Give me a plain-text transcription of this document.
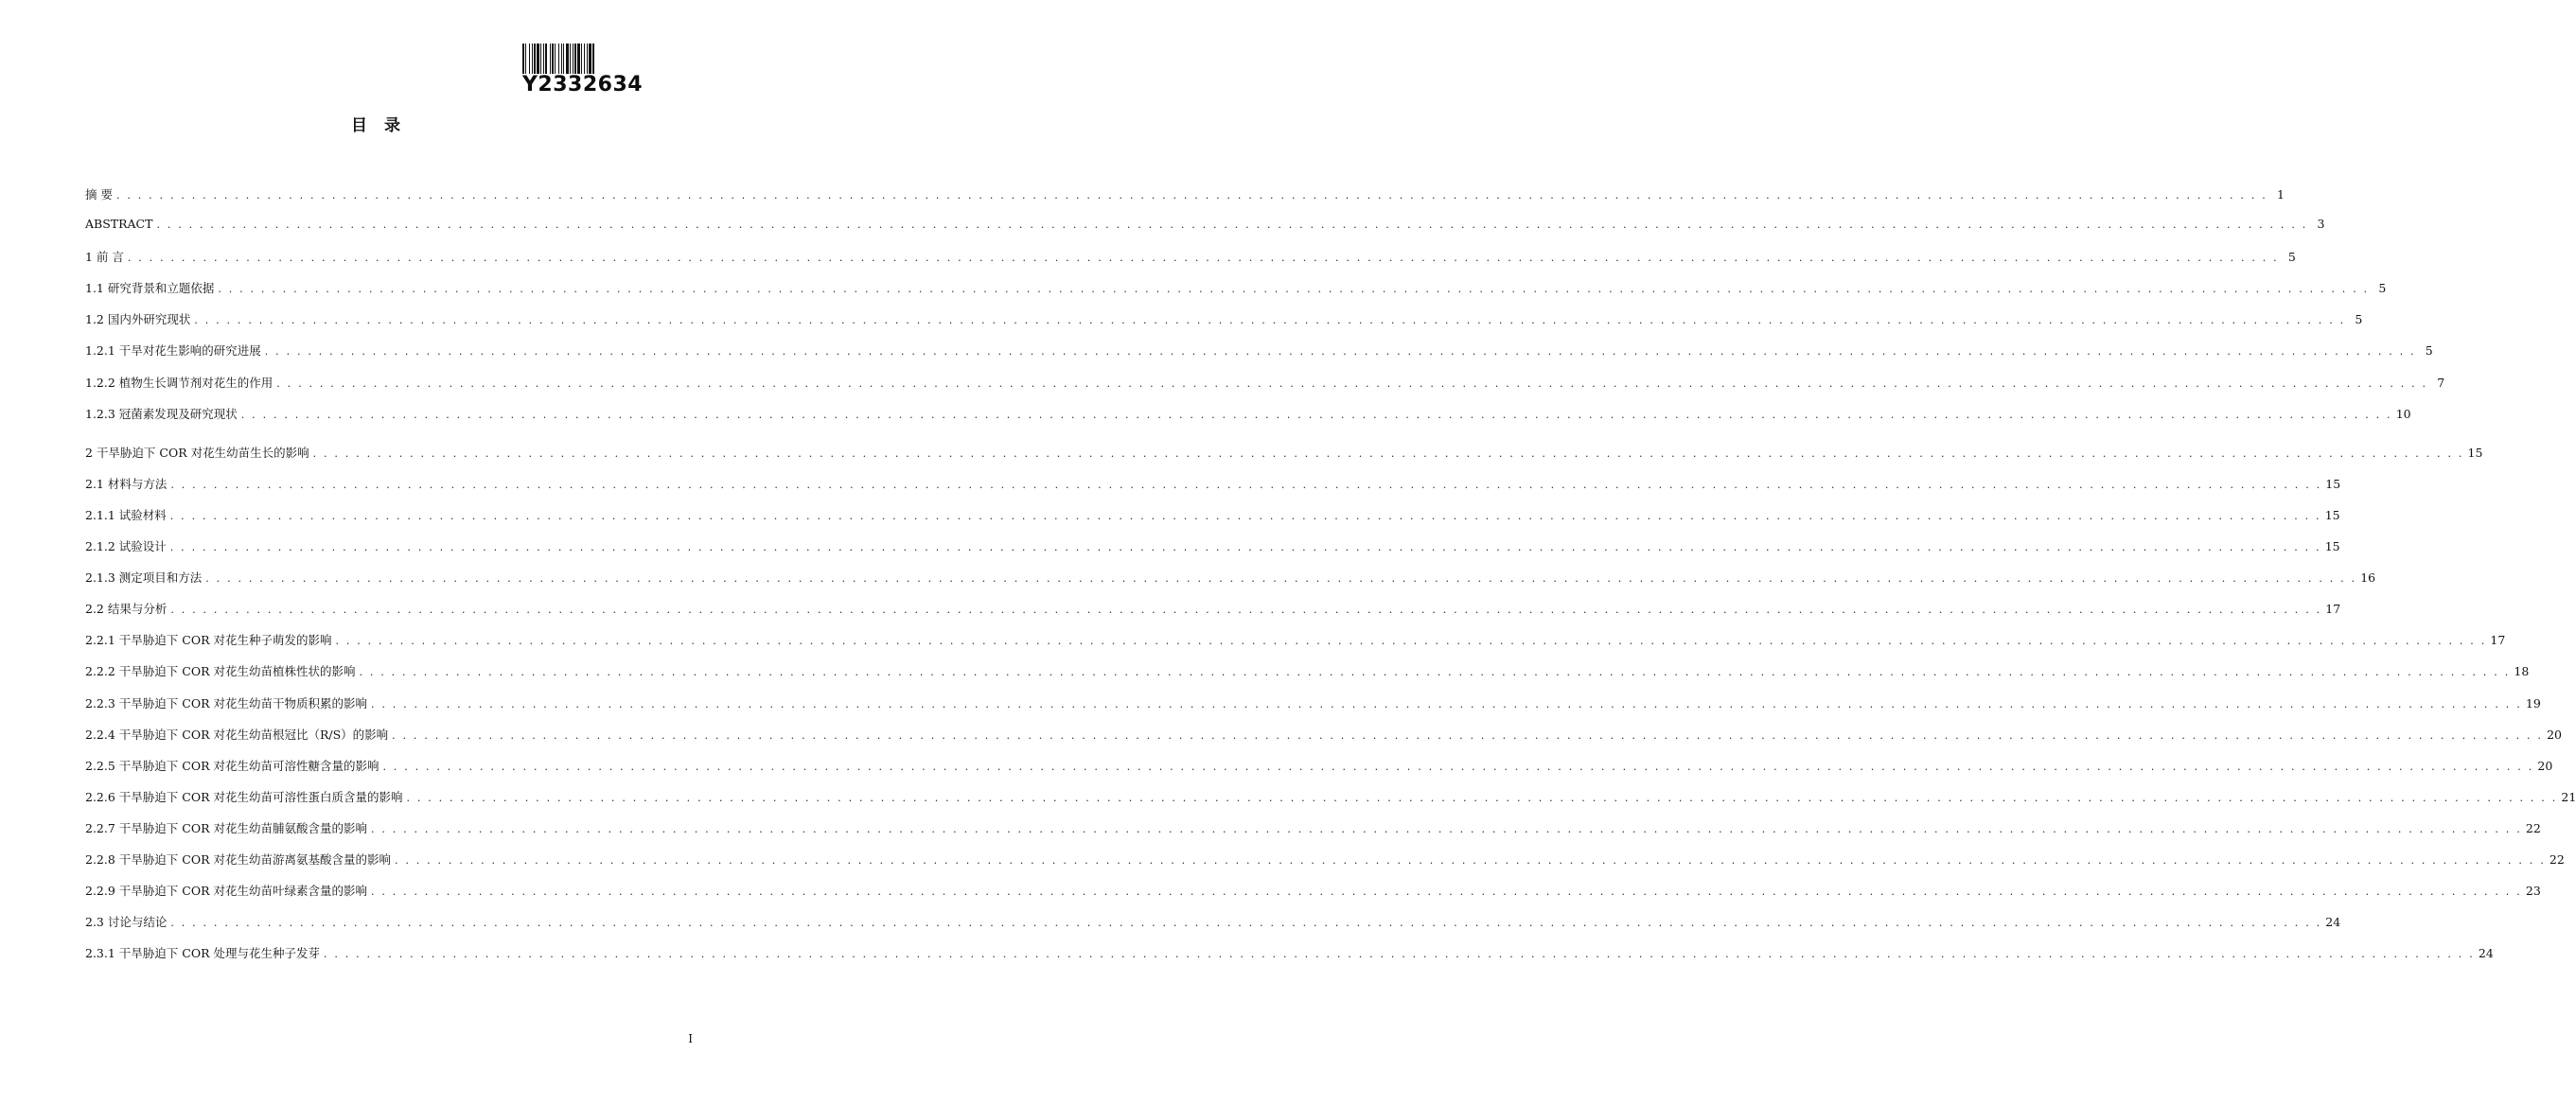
Y2332634
目 录
摘 要 . . . . . . . . . . . . . . . . . . . . . . . . . . . . . . . . . . . . . . . . . . . . . . . . . . . . . . . . . . . . . . . . . . . . . . . . . . . . . . . . . . . . . . . . . . . . . . . . . . . . . . . . . . . . . . . . . . . . . . . . . . . . . . . . . . . . . . . . . . . . . . . . . . . . . . . . . . . . . . . . . . . . . . . . . . . . . . . . . . . . . . . . . . . . . . . . . . . . . . . . 1
ABSTRACT . . . . . . . . . . . . . . . . . . . . . . . . . . . . . . . . . . . . . . . . . . . . . . . . . . . . . . . . . . . . . . . . . . . . . . . . . . . . . . . . . . . . . . . . . . . . . . . . . . . . . . . . . . . . . . . . . . . . . . . . . . . . . . . . . . . . . . . . . . . . . . . . . . . . . . . . . . . . . . . . . . . . . . . . . . . . . . . . . . . . . . . . . . . . . . . . . . . . . . . . 3
1 前 言 . . . . . . . . . . . . . . . . . . . . . . . . . . . . . . . . . . . . . . . . . . . . . . . . . . . . . . . . . . . . . . . . . . . . . . . . . . . . . . . . . . . . . . . . . . . . . . . . . . . . . . . . . . . . . . . . . . . . . . . . . . . . . . . . . . . . . . . . . . . . . . . . . . . . . . . . . . . . . . . . . . . . . . . . . . . . . . . . . . . . . . . . . . . . . . . . . . . . . . . . 5
1.1 研究背景和立题依据 . . . . . . . . . . . . . . . . . . . . . . . . . . . . . . . . . . . . . . . . . . . . . . . . . . . . . . . . . . . . . . . . . . . . . . . . . . . . . . . . . . . . . . . . . . . . . . . . . . . . . . . . . . . . . . . . . . . . . . . . . . . . . . . . . . . . . . . . . . . . . . . . . . . . . . . . . . . . . . . . . . . . . . . . . . . . . . . . . . . . . . . . . . . . . . . . . . . . . . . . 5
1.2 国内外研究现状 . . . . . . . . . . . . . . . . . . . . . . . . . . . . . . . . . . . . . . . . . . . . . . . . . . . . . . . . . . . . . . . . . . . . . . . . . . . . . . . . . . . . . . . . . . . . . . . . . . . . . . . . . . . . . . . . . . . . . . . . . . . . . . . . . . . . . . . . . . . . . . . . . . . . . . . . . . . . . . . . . . . . . . . . . . . . . . . . . . . . . . . . . . . . . . . . . . . . . . . . 5
1.2.1 干旱对花生影响的研究进展 . . . . . . . . . . . . . . . . . . . . . . . . . . . . . . . . . . . . . . . . . . . . . . . . . . . . . . . . . . . . . . . . . . . . . . . . . . . . . . . . . . . . . . . . . . . . . . . . . . . . . . . . . . . . . . . . . . . . . . . . . . . . . . . . . . . . . . . . . . . . . . . . . . . . . . . . . . . . . . . . . . . . . . . . . . . . . . . . . . . . . . . . . . . . . . . . . . . . . . . . 5
1.2.2 植物生长调节剂对花生的作用 . . . . . . . . . . . . . . . . . . . . . . . . . . . . . . . . . . . . . . . . . . . . . . . . . . . . . . . . . . . . . . . . . . . . . . . . . . . . . . . . . . . . . . . . . . . . . . . . . . . . . . . . . . . . . . . . . . . . . . . . . . . . . . . . . . . . . . . . . . . . . . . . . . . . . . . . . . . . . . . . . . . . . . . . . . . . . . . . . . . . . . . . . . . . . . . . . . . . . . . . 7
1.2.3 冠菌素发现及研究现状 . . . . . . . . . . . . . . . . . . . . . . . . . . . . . . . . . . . . . . . . . . . . . . . . . . . . . . . . . . . . . . . . . . . . . . . . . . . . . . . . . . . . . . . . . . . . . . . . . . . . . . . . . . . . . . . . . . . . . . . . . . . . . . . . . . . . . . . . . . . . . . . . . . . . . . . . . . . . . . . . . . . . . . . . . . . . . . . . . . . . . . . . . . . . . . . . . . . . . . . . 10
2 干旱胁迫下 COR 对花生幼苗生长的影响 . . . . . . . . . . . . . . . . . . . . . . . . . . . . . . . . . . . . . . . . . . . . . . . . . . . . . . . . . . . . . . . . . . . . . . . . . . . . . . . . . . . . . . . . . . . . . . . . . . . . . . . . . . . . . . . . . . . . . . . . . . . . . . . . . . . . . . . . . . . . . . . . . . . . . . . . . . . . . . . . . . . . . . . . . . . . . . . . . . . . . . . . . . . . . . . . . . . . . . . . 15
2.1 材料与方法 . . . . . . . . . . . . . . . . . . . . . . . . . . . . . . . . . . . . . . . . . . . . . . . . . . . . . . . . . . . . . . . . . . . . . . . . . . . . . . . . . . . . . . . . . . . . . . . . . . . . . . . . . . . . . . . . . . . . . . . . . . . . . . . . . . . . . . . . . . . . . . . . . . . . . . . . . . . . . . . . . . . . . . . . . . . . . . . . . . . . . . . . . . . . . . . . . . . . . . . . 15
2.1.1 试验材料 . . . . . . . . . . . . . . . . . . . . . . . . . . . . . . . . . . . . . . . . . . . . . . . . . . . . . . . . . . . . . . . . . . . . . . . . . . . . . . . . . . . . . . . . . . . . . . . . . . . . . . . . . . . . . . . . . . . . . . . . . . . . . . . . . . . . . . . . . . . . . . . . . . . . . . . . . . . . . . . . . . . . . . . . . . . . . . . . . . . . . . . . . . . . . . . . . . . . . . . . 15
2.1.2 试验设计 . . . . . . . . . . . . . . . . . . . . . . . . . . . . . . . . . . . . . . . . . . . . . . . . . . . . . . . . . . . . . . . . . . . . . . . . . . . . . . . . . . . . . . . . . . . . . . . . . . . . . . . . . . . . . . . . . . . . . . . . . . . . . . . . . . . . . . . . . . . . . . . . . . . . . . . . . . . . . . . . . . . . . . . . . . . . . . . . . . . . . . . . . . . . . . . . . . . . . . . . 15
2.1.3 测定项目和方法 . . . . . . . . . . . . . . . . . . . . . . . . . . . . . . . . . . . . . . . . . . . . . . . . . . . . . . . . . . . . . . . . . . . . . . . . . . . . . . . . . . . . . . . . . . . . . . . . . . . . . . . . . . . . . . . . . . . . . . . . . . . . . . . . . . . . . . . . . . . . . . . . . . . . . . . . . . . . . . . . . . . . . . . . . . . . . . . . . . . . . . . . . . . . . . . . . . . . . . . . 16
2.2 结果与分析 . . . . . . . . . . . . . . . . . . . . . . . . . . . . . . . . . . . . . . . . . . . . . . . . . . . . . . . . . . . . . . . . . . . . . . . . . . . . . . . . . . . . . . . . . . . . . . . . . . . . . . . . . . . . . . . . . . . . . . . . . . . . . . . . . . . . . . . . . . . . . . . . . . . . . . . . . . . . . . . . . . . . . . . . . . . . . . . . . . . . . . . . . . . . . . . . . . . . . . . . 17
2.2.1 干旱胁迫下 COR 对花生种子萌发的影响 . . . . . . . . . . . . . . . . . . . . . . . . . . . . . . . . . . . . . . . . . . . . . . . . . . . . . . . . . . . . . . . . . . . . . . . . . . . . . . . . . . . . . . . . . . . . . . . . . . . . . . . . . . . . . . . . . . . . . . . . . . . . . . . . . . . . . . . . . . . . . . . . . . . . . . . . . . . . . . . . . . . . . . . . . . . . . . . . . . . . . . . . . . . . . . . . . . . . . . . . 17
2.2.2 干旱胁迫下 COR 对花生幼苗植株性状的影响 . . . . . . . . . . . . . . . . . . . . . . . . . . . . . . . . . . . . . . . . . . . . . . . . . . . . . . . . . . . . . . . . . . . . . . . . . . . . . . . . . . . . . . . . . . . . . . . . . . . . . . . . . . . . . . . . . . . . . . . . . . . . . . . . . . . . . . . . . . . . . . . . . . . . . . . . . . . . . . . . . . . . . . . . . . . . . . . . . . . . . . . . . . . . . . . . . . . . . . . . 18
2.2.3 干旱胁迫下 COR 对花生幼苗干物质积累的影响 . . . . . . . . . . . . . . . . . . . . . . . . . . . . . . . . . . . . . . . . . . . . . . . . . . . . . . . . . . . . . . . . . . . . . . . . . . . . . . . . . . . . . . . . . . . . . . . . . . . . . . . . . . . . . . . . . . . . . . . . . . . . . . . . . . . . . . . . . . . . . . . . . . . . . . . . . . . . . . . . . . . . . . . . . . . . . . . . . . . . . . . . . . . . . . . . . . . . . . . . 19
2.2.4 干旱胁迫下 COR 对花生幼苗根冠比（R/S）的影响 . . . . . . . . . . . . . . . . . . . . . . . . . . . . . . . . . . . . . . . . . . . . . . . . . . . . . . . . . . . . . . . . . . . . . . . . . . . . . . . . . . . . . . . . . . . . . . . . . . . . . . . . . . . . . . . . . . . . . . . . . . . . . . . . . . . . . . . . . . . . . . . . . . . . . . . . . . . . . . . . . . . . . . . . . . . . . . . . . . . . . . . . . . . . . . . . . . . . . . . . 20
2.2.5 干旱胁迫下 COR 对花生幼苗可溶性糖含量的影响 . . . . . . . . . . . . . . . . . . . . . . . . . . . . . . . . . . . . . . . . . . . . . . . . . . . . . . . . . . . . . . . . . . . . . . . . . . . . . . . . . . . . . . . . . . . . . . . . . . . . . . . . . . . . . . . . . . . . . . . . . . . . . . . . . . . . . . . . . . . . . . . . . . . . . . . . . . . . . . . . . . . . . . . . . . . . . . . . . . . . . . . . . . . . . . . . . . . . . . . . 20
2.2.6 干旱胁迫下 COR 对花生幼苗可溶性蛋白质含量的影响 . . . . . . . . . . . . . . . . . . . . . . . . . . . . . . . . . . . . . . . . . . . . . . . . . . . . . . . . . . . . . . . . . . . . . . . . . . . . . . . . . . . . . . . . . . . . . . . . . . . . . . . . . . . . . . . . . . . . . . . . . . . . . . . . . . . . . . . . . . . . . . . . . . . . . . . . . . . . . . . . . . . . . . . . . . . . . . . . . . . . . . . . . . . . . . . . . . . . . . . . 21
2.2.7 干旱胁迫下 COR 对花生幼苗脯氨酸含量的影响 . . . . . . . . . . . . . . . . . . . . . . . . . . . . . . . . . . . . . . . . . . . . . . . . . . . . . . . . . . . . . . . . . . . . . . . . . . . . . . . . . . . . . . . . . . . . . . . . . . . . . . . . . . . . . . . . . . . . . . . . . . . . . . . . . . . . . . . . . . . . . . . . . . . . . . . . . . . . . . . . . . . . . . . . . . . . . . . . . . . . . . . . . . . . . . . . . . . . . . . . 22
2.2.8 干旱胁迫下 COR 对花生幼苗游离氨基酸含量的影响 . . . . . . . . . . . . . . . . . . . . . . . . . . . . . . . . . . . . . . . . . . . . . . . . . . . . . . . . . . . . . . . . . . . . . . . . . . . . . . . . . . . . . . . . . . . . . . . . . . . . . . . . . . . . . . . . . . . . . . . . . . . . . . . . . . . . . . . . . . . . . . . . . . . . . . . . . . . . . . . . . . . . . . . . . . . . . . . . . . . . . . . . . . . . . . . . . . . . . . . . 22
2.2.9 干旱胁迫下 COR 对花生幼苗叶绿素含量的影响 . . . . . . . . . . . . . . . . . . . . . . . . . . . . . . . . . . . . . . . . . . . . . . . . . . . . . . . . . . . . . . . . . . . . . . . . . . . . . . . . . . . . . . . . . . . . . . . . . . . . . . . . . . . . . . . . . . . . . . . . . . . . . . . . . . . . . . . . . . . . . . . . . . . . . . . . . . . . . . . . . . . . . . . . . . . . . . . . . . . . . . . . . . . . . . . . . . . . . . . . 23
2.3 讨论与结论 . . . . . . . . . . . . . . . . . . . . . . . . . . . . . . . . . . . . . . . . . . . . . . . . . . . . . . . . . . . . . . . . . . . . . . . . . . . . . . . . . . . . . . . . . . . . . . . . . . . . . . . . . . . . . . . . . . . . . . . . . . . . . . . . . . . . . . . . . . . . . . . . . . . . . . . . . . . . . . . . . . . . . . . . . . . . . . . . . . . . . . . . . . . . . . . . . . . . . . . . 24
2.3.1 干旱胁迫下 COR 处理与花生种子发芽 . . . . . . . . . . . . . . . . . . . . . . . . . . . . . . . . . . . . . . . . . . . . . . . . . . . . . . . . . . . . . . . . . . . . . . . . . . . . . . . . . . . . . . . . . . . . . . . . . . . . . . . . . . . . . . . . . . . . . . . . . . . . . . . . . . . . . . . . . . . . . . . . . . . . . . . . . . . . . . . . . . . . . . . . . . . . . . . . . . . . . . . . . . . . . . . . . . . . . . . . 24
I
